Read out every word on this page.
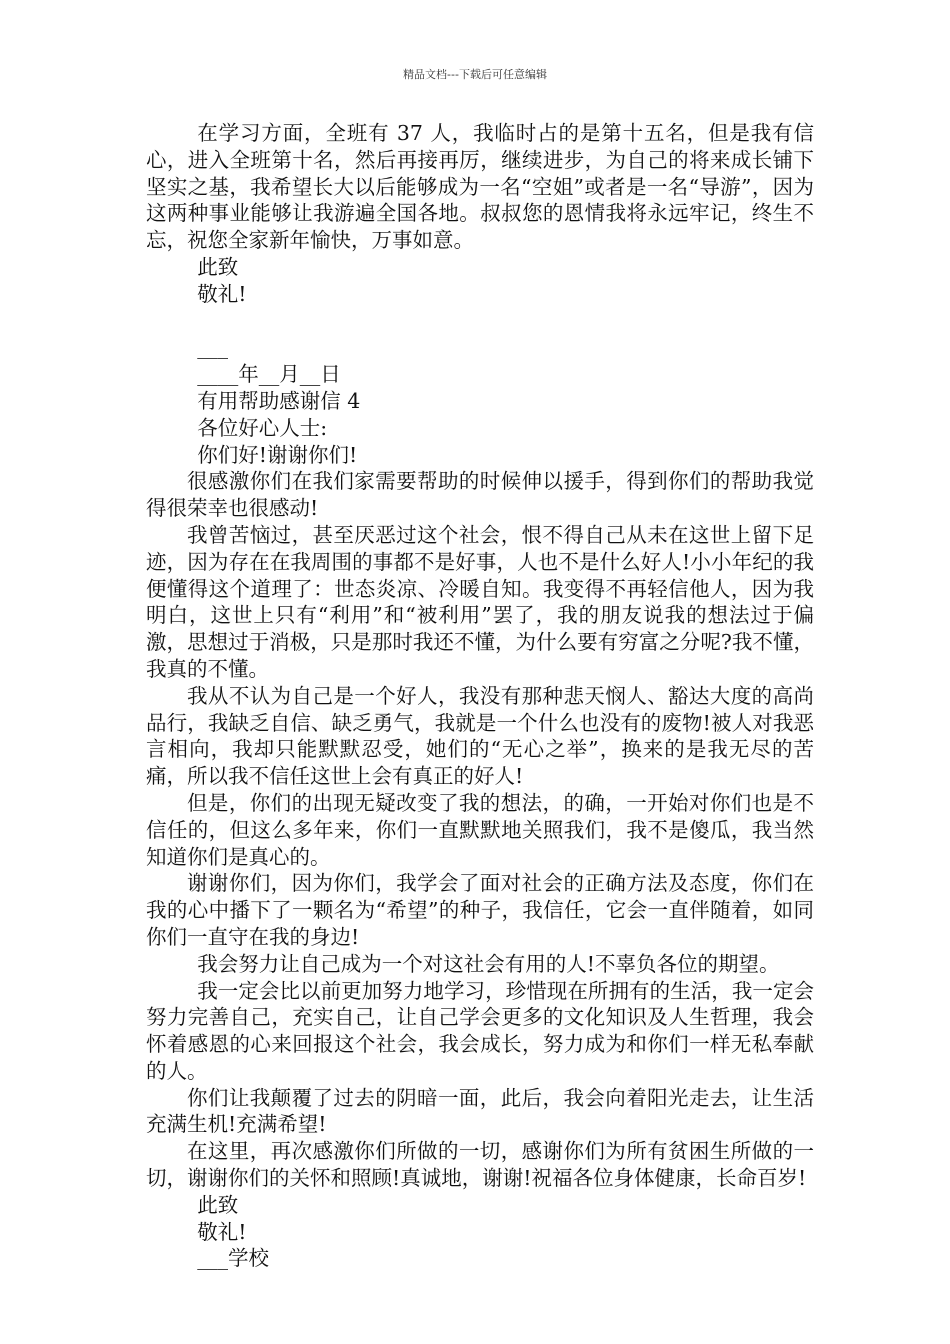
精品文档---下载后可任意编辑

在学习方面，全班有 37 人，我临时占的是第十五名，但是我有信心，进入全班第十名，然后再接再厉，继续进步，为自己的将来成长铺下坚实之基，我希望长大以后能够成为一名“空姐”或者是一名“导游”，因为这两种事业能够让我游遍全国各地。叔叔您的恩情我将永远牢记，终生不忘，祝您全家新年愉快，万事如意。

此致

敬礼!

___

____年__月__日

有用帮助感谢信 4

各位好心人士:

你们好!谢谢你们!

很感激你们在我们家需要帮助的时候伸以援手，得到你们的帮助我觉得很荣幸也很感动!

我曾苦恼过，甚至厌恶过这个社会，恨不得自己从未在这世上留下足迹，因为存在在我周围的事都不是好事，人也不是什么好人!小小年纪的我便懂得这个道理了：世态炎凉、冷暖自知。我变得不再轻信他人，因为我明白，这世上只有“利用”和“被利用”罢了，我的朋友说我的想法过于偏激，思想过于消极，只是那时我还不懂，为什么要有穷富之分呢?我不懂，我真的不懂。

我从不认为自己是一个好人，我没有那种悲天悯人、豁达大度的高尚品行，我缺乏自信、缺乏勇气，我就是一个什么也没有的废物!被人对我恶言相向，我却只能默默忍受，她们的“无心之举”，换来的是我无尽的苦痛，所以我不信任这世上会有真正的好人!

但是，你们的出现无疑改变了我的想法，的确，一开始对你们也是不信任的，但这么多年来，你们一直默默地关照我们，我不是傻瓜，我当然知道你们是真心的。

谢谢你们，因为你们，我学会了面对社会的正确方法及态度，你们在我的心中播下了一颗名为“希望”的种子，我信任，它会一直伴随着，如同你们一直守在我的身边!

我会努力让自己成为一个对这社会有用的人!不辜负各位的期望。

我一定会比以前更加努力地学习，珍惜现在所拥有的生活，我一定会努力完善自己，充实自己，让自己学会更多的文化知识及人生哲理，我会怀着感恩的心来回报这个社会，我会成长，努力成为和你们一样无私奉献的人。

你们让我颠覆了过去的阴暗一面，此后，我会向着阳光走去，让生活充满生机!充满希望!

在这里，再次感激你们所做的一切，感谢你们为所有贫困生所做的一切，谢谢你们的关怀和照顾!真诚地，谢谢!祝福各位身体健康，长命百岁!

此致

敬礼!

___学校
